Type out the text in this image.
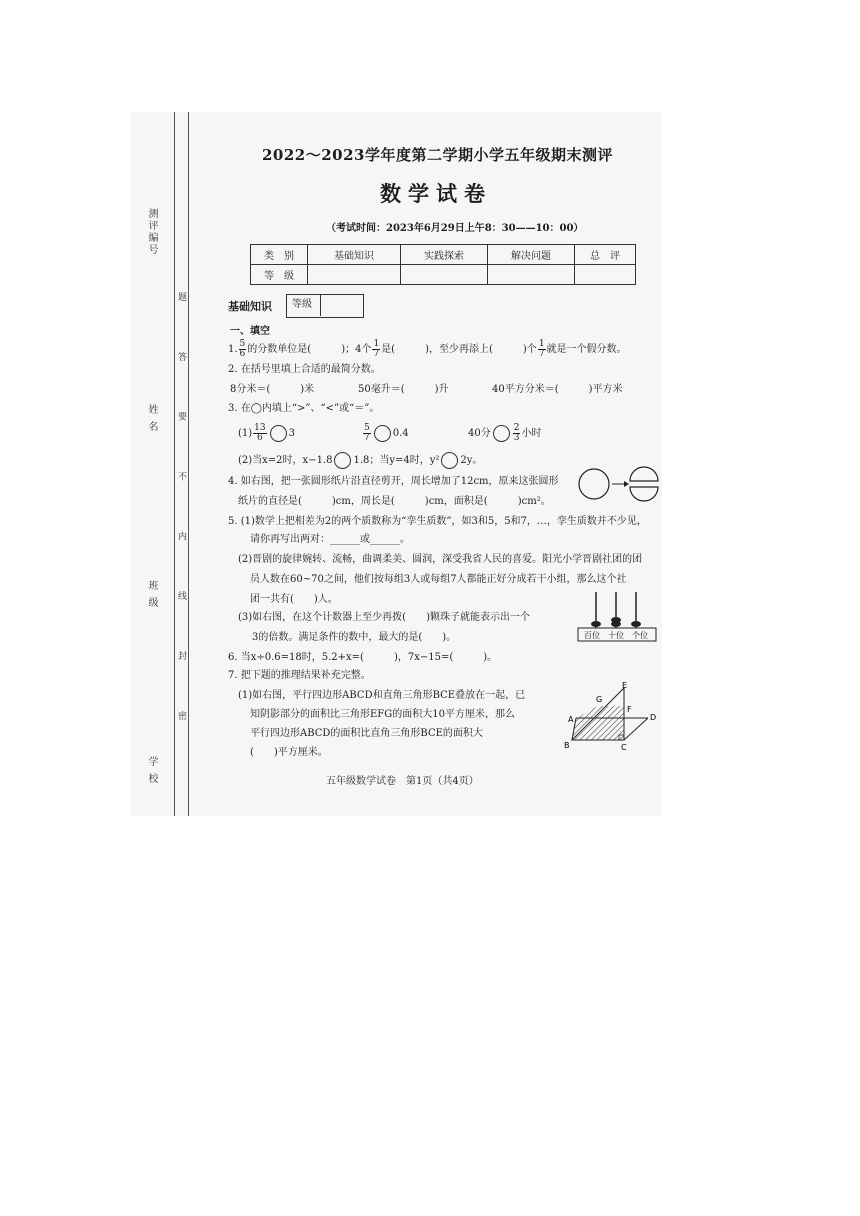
测评编号
姓 名
班 级
学 校
题 答 要 不 内 线 封 密
2022～2023学年度第二学期小学五年级期末测评
数学试卷
（考试时间：2023年6月29日上午8：30——10：00）
类　别	基础知识	实践探索	解决问题	总　评
等　级				
基础知识 等级
一、填空
1. $\frac{5}{6}$ 的分数单位是(	)；4个 $\frac{1}{7}$ 是(	)，至少再添上(	)个 $\frac{1}{7}$ 就是一个假分数。
2. 在括号里填上合适的最简分数。
8分米＝(	)米	50毫升＝(	)升	40平方分米＝(	)平方米
3. 在◯内填上“>”、“<”或“＝”。
$(1) \frac{13}{6} 3$	$\frac{5}{7} 0.4$	40分 $\frac{2}{3}$ 小时
(2)当x=2时，x−1.8 1.8；当y=4时，y² 2y。
4. 如右图，把一张圆形纸片沿直径剪开，周长增加了12cm，原来这张圆形
纸片的直径是(	)cm，周长是(	)cm，面积是(	)cm²。
5. (1)数学上把相差为2的两个质数称为“孪生质数”，如3和5，5和7，…，孪生质数并不少见，
请你再写出两对：______或______。
(2)晋剧的旋律婉转、流畅，曲调柔美、圆润，深受我省人民的喜爱。阳光小学晋剧社团的团
员人数在60~70之间，他们按每组3人或每组7人都能正好分成若干小组，那么这个社
团一共有(　　)人。
(3)如右图，在这个计数器上至少再拨(　　)颗珠子就能表示出一个
3的倍数。满足条件的数中，最大的是(　　)。	百位 十位 个位
6. 当x÷0.6=18时，5.2+x=(　　　)，7x−15=(　　　)。
7. 把下题的推理结果补充完整。
(1)如右图，平行四边形ABCD和直角三角形BCE叠放在一起，已
知阴影部分的面积比三角形EFG的面积大10平方厘米，那么
平行四边形ABCD的面积比直角三角形BCE的面积大
(　　)平方厘米。
A
B	C
D
E
F
G
五年级数学试卷　第1页（共4页）
